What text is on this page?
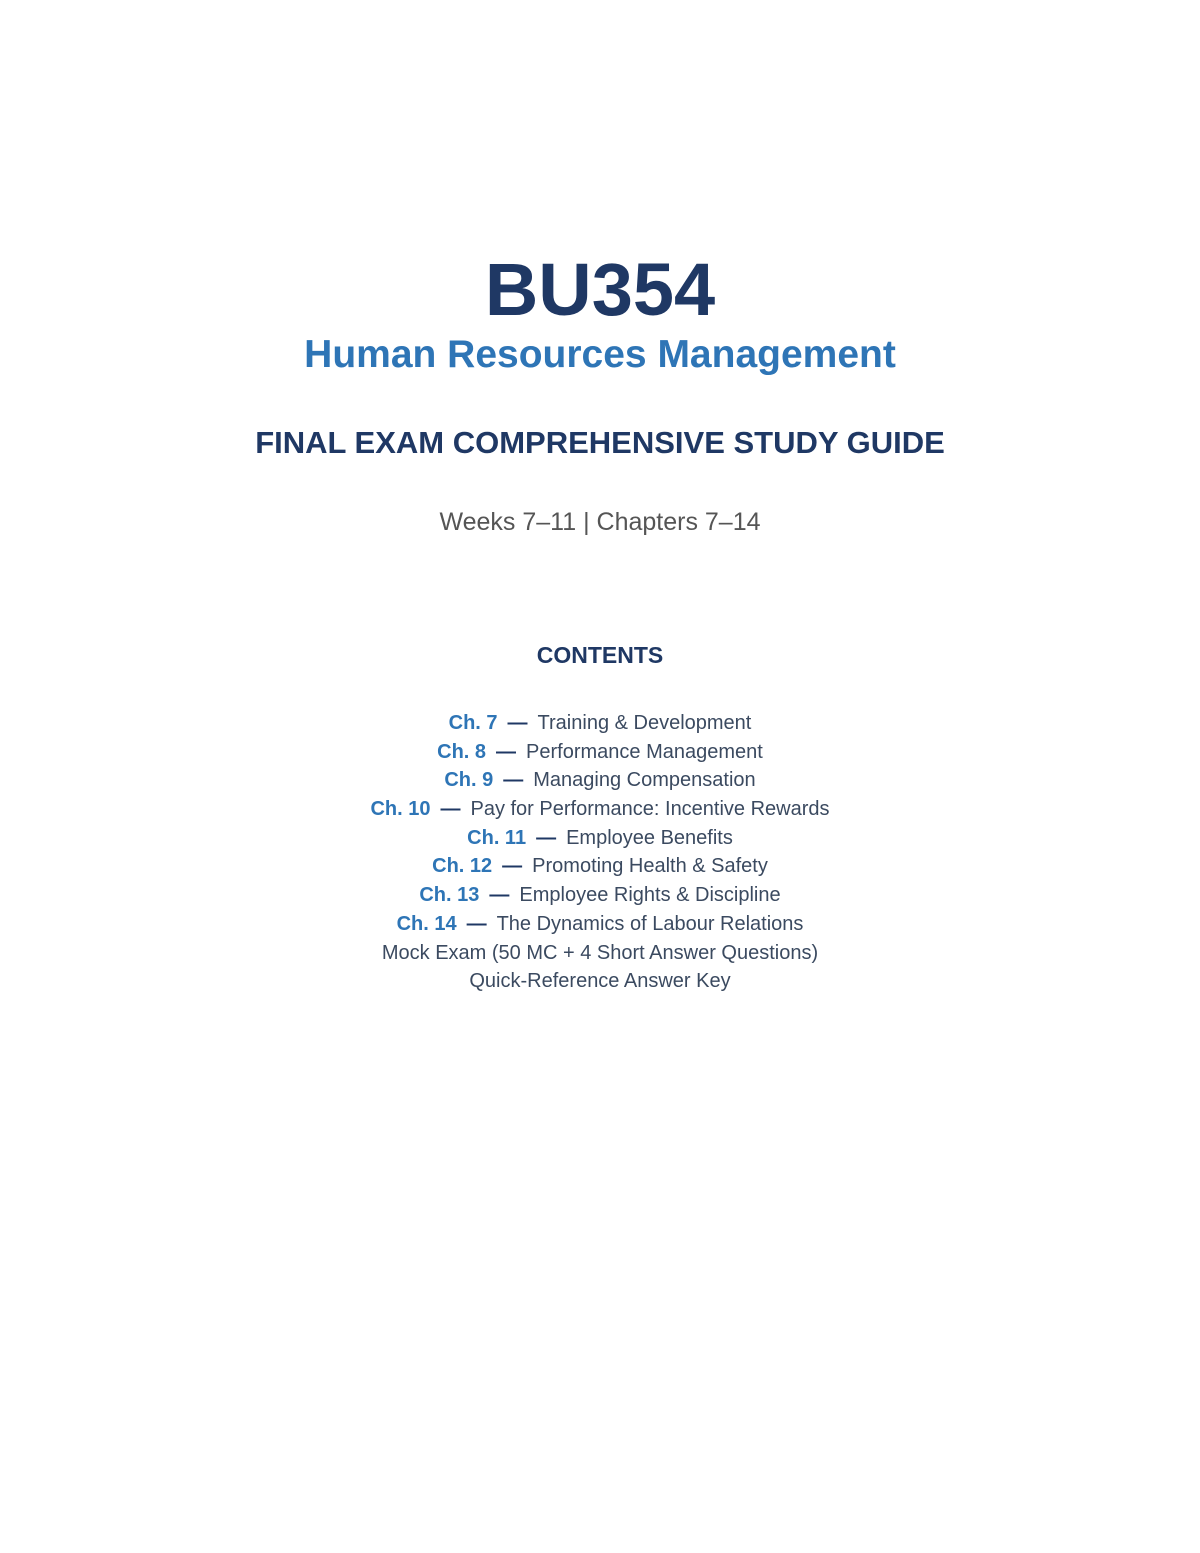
BU354
Human Resources Management
FINAL EXAM COMPREHENSIVE STUDY GUIDE

Weeks 7–11 | Chapters 7–14

CONTENTS
Ch. 7 — Training & Development
Ch. 8 — Performance Management
Ch. 9 — Managing Compensation
Ch. 10 — Pay for Performance: Incentive Rewards
Ch. 11 — Employee Benefits
Ch. 12 — Promoting Health & Safety
Ch. 13 — Employee Rights & Discipline
Ch. 14 — The Dynamics of Labour Relations
Mock Exam (50 MC + 4 Short Answer Questions)
Quick-Reference Answer Key
